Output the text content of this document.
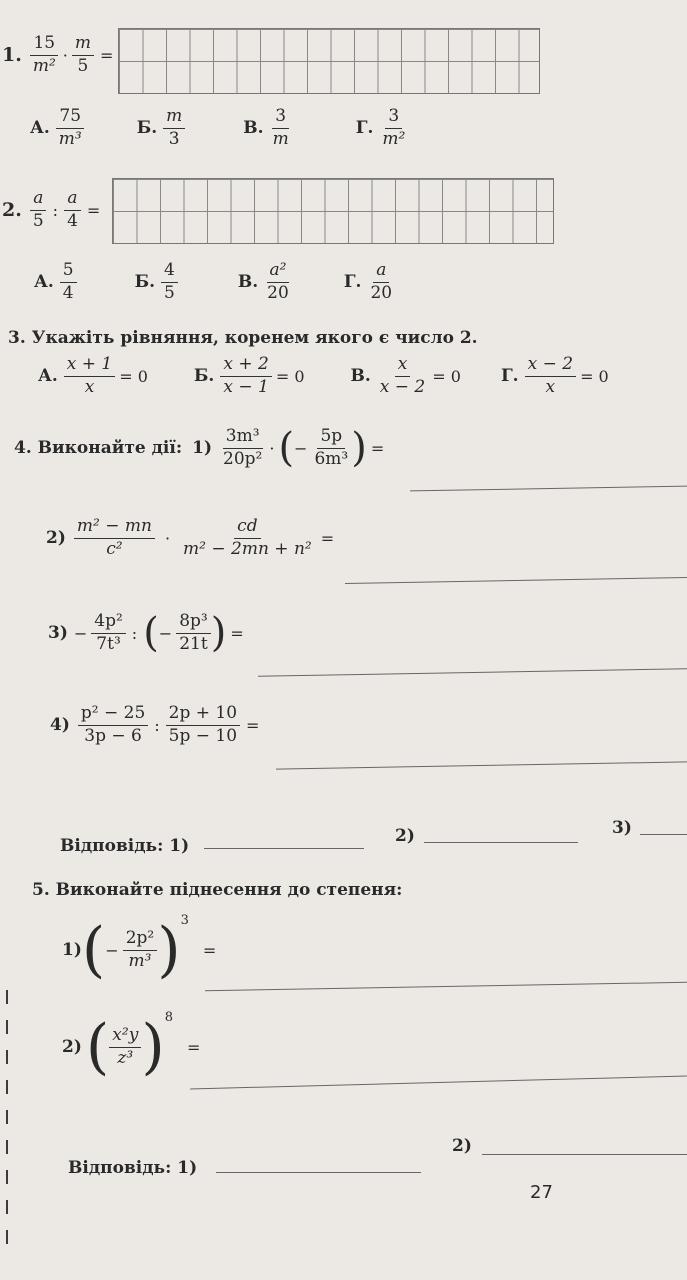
1. $\frac{15}{\text{m²}} \cdot \frac{m}{5}$ =
А. $\frac{75}{\text{m³}}$	Б. $\frac{m}{3}$	В. $\frac{3}{m}$	Г. $\frac{3}{\text{m²}}$
2. $\frac{a}{5}$ : $\frac{a}{4}$ =
А. $\frac{5}{4}$	Б. $\frac{4}{5}$	В. $\frac{\text{a²}}{20}$	Г. $\frac{a}{20}$
3. Укажіть рівняння, коренем якого є число 2.
А. $\frac{x + 1}{x} = 0$	Б. $\frac{x + 2}{x - 1} = 0$	В. $\frac{x}{x - 2} = 0$ Г. $\frac{x - 2}{x} = 0$
4. Виконайте дії: $1) \frac{\text{3m³}}{\text{20p²}}$ · ( − $\frac{5p}{\text{6m³}}$ ) =
$2) \frac{\text{m² − mn}}{\text{c²}} \cdot \frac{cd}{\text{m² − 2mn + n²}}$ =
$3) - \frac{\text{4p²}}{\text{7t³}}$ : ( − $\frac{\text{8p³}}{21t}$ ) =
$4) \frac{\text{p² − 25}}{3p - 6}$ : $\frac{2p + 10}{5p - 10}$ =
Відповідь: 1)	2)	3)
5. Виконайте піднесення до степеня:
1) ( − $\frac{\text{2p²}}{\text{m³}} )^3$
=
2) ( $\frac{\text{x²y}}{\text{z³}} )^8$
=
Відповідь: 1)
2)
27
